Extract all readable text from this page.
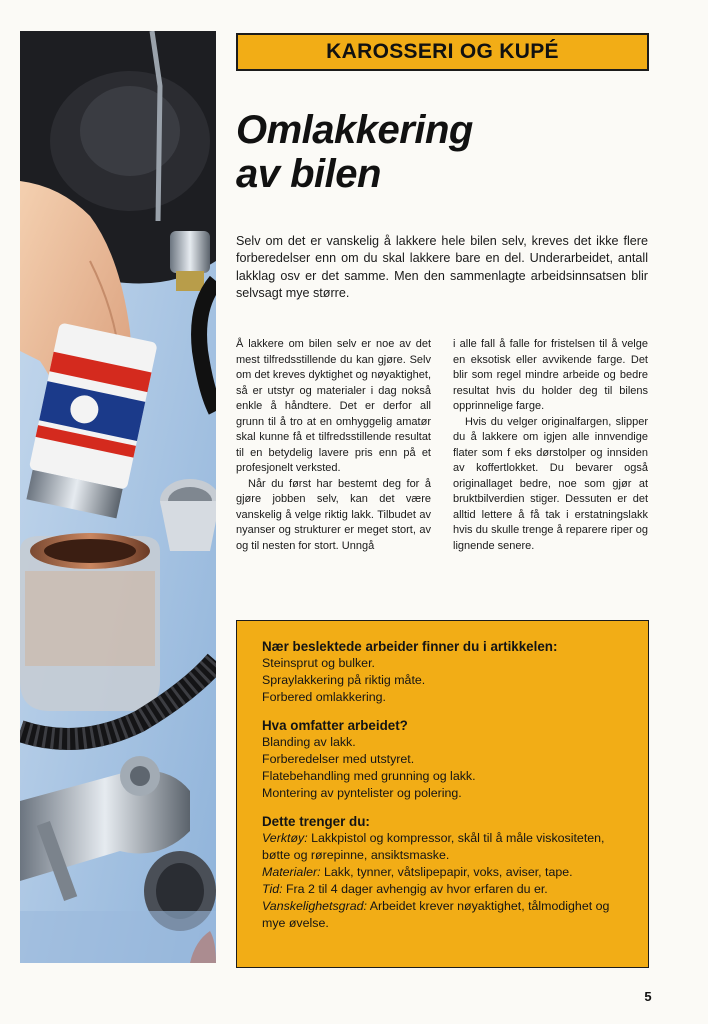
KAROSSERI OG KUPÉ
Omlakkering
av bilen

Selv om det er vanskelig å lakkere hele bilen selv, kreves det ikke flere forberedelser enn om du skal lakkere bare en del. Underarbeidet, antall lakklag osv er det samme. Men den sammenlagte arbeidsinnsatsen blir selvsagt mye større.

Å lakkere om bilen selv er noe av det mest tilfredsstillende du kan gjøre. Selv om det kreves dyktighet og nøyaktighet, så er utstyr og materialer i dag nokså enkle å håndtere. Det er derfor all grunn til å tro at en omhyggelig amatør skal kunne få et tilfredsstillende resultat til en betydelig lavere pris enn på et profesjonelt verksted.

Når du først har bestemt deg for å gjøre jobben selv, kan det være vanskelig å velge riktig lakk. Tilbudet av nyanser og strukturer er meget stort, av og til nesten for stort. Unngå

i alle fall å falle for fristelsen til å velge en eksotisk eller avvikende farge. Det blir som regel mindre arbeide og bedre resultat hvis du holder deg til bilens opprinnelige farge.

Hvis du velger originalfargen, slipper du å lakkere om igjen alle innvendige flater som f eks dørstolper og innsiden av koffertlokket. Du bevarer også originallaget bedre, noe som gjør at bruktbilverdien stiger. Dessuten er det alltid lettere å få tak i erstatningslakk hvis du skulle trenge å reparere riper og lignende senere.

Nær beslektede arbeider finner du i artikkelen:

Steinsprut og bulker.

Spraylakkering på riktig måte.

Forbered omlakkering.

Hva omfatter arbeidet?

Blanding av lakk.

Forberedelser med utstyret.

Flatebehandling med grunning og lakk.

Montering av pyntelister og polering.

Dette trenger du:

Verktøy: Lakkpistol og kompressor, skål til å måle viskositeten, bøtte og rørepinne, ansiktsmaske.

Materialer: Lakk, tynner, våtslipepapir, voks, aviser, tape.

Tid: Fra 2 til 4 dager avhengig av hvor erfaren du er.

Vanskelighetsgrad: Arbeidet krever nøyaktighet, tålmodighet og mye øvelse.

5
